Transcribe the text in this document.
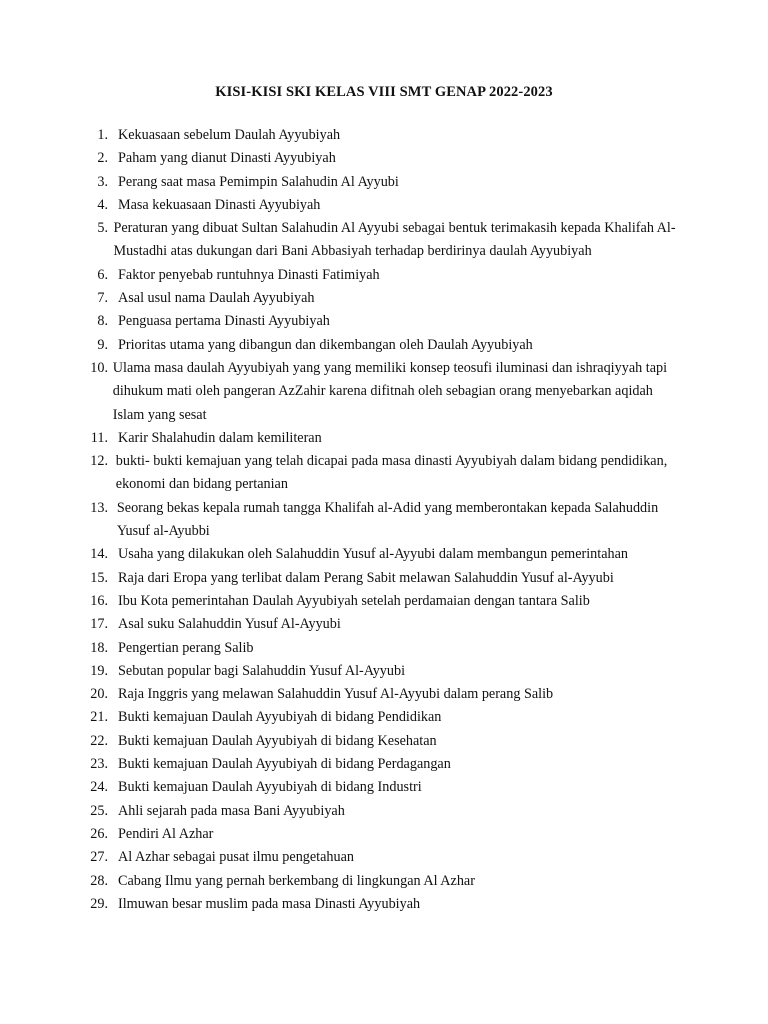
KISI-KISI SKI KELAS VIII SMT GENAP 2022-2023
1. Kekuasaan sebelum Daulah Ayyubiyah
2. Paham yang dianut Dinasti Ayyubiyah
3. Perang saat masa Pemimpin Salahudin Al Ayyubi
4. Masa kekuasaan Dinasti Ayyubiyah
5. Peraturan yang dibuat Sultan Salahudin Al Ayyubi sebagai bentuk terimakasih kepada Khalifah Al-Mustadhi atas dukungan dari Bani Abbasiyah terhadap berdirinya daulah Ayyubiyah
6. Faktor penyebab runtuhnya Dinasti Fatimiyah
7. Asal usul nama Daulah Ayyubiyah
8. Penguasa pertama Dinasti Ayyubiyah
9. Prioritas utama yang dibangun dan dikembangan oleh Daulah Ayyubiyah
10. Ulama masa daulah Ayyubiyah yang yang memiliki konsep teosufi iluminasi dan ishraqiyyah tapi dihukum mati oleh pangeran AzZahir karena difitnah oleh sebagian orang menyebarkan aqidah Islam yang sesat
11. Karir Shalahudin dalam kemiliteran
12. bukti- bukti kemajuan yang telah dicapai pada masa dinasti Ayyubiyah dalam bidang pendidikan, ekonomi dan bidang pertanian
13. Seorang bekas kepala rumah tangga Khalifah al-Adid yang memberontakan kepada Salahuddin Yusuf al-Ayubbi
14. Usaha yang dilakukan oleh Salahuddin Yusuf al-Ayyubi dalam membangun pemerintahan
15. Raja dari Eropa yang terlibat dalam Perang Sabit melawan Salahuddin Yusuf al-Ayyubi
16. Ibu Kota pemerintahan Daulah Ayyubiyah setelah perdamaian dengan tantara Salib
17. Asal suku Salahuddin Yusuf Al-Ayyubi
18. Pengertian perang Salib
19. Sebutan popular bagi Salahuddin Yusuf Al-Ayyubi
20. Raja Inggris yang melawan Salahuddin Yusuf Al-Ayyubi dalam perang Salib
21. Bukti kemajuan Daulah Ayyubiyah di bidang Pendidikan
22. Bukti kemajuan Daulah Ayyubiyah di bidang Kesehatan
23. Bukti kemajuan Daulah Ayyubiyah di bidang Perdagangan
24. Bukti kemajuan Daulah Ayyubiyah di bidang Industri
25. Ahli sejarah pada masa Bani Ayyubiyah
26. Pendiri Al Azhar
27. Al Azhar sebagai pusat ilmu pengetahuan
28. Cabang Ilmu yang pernah berkembang di lingkungan Al Azhar
29. Ilmuwan besar muslim pada masa Dinasti Ayyubiyah
